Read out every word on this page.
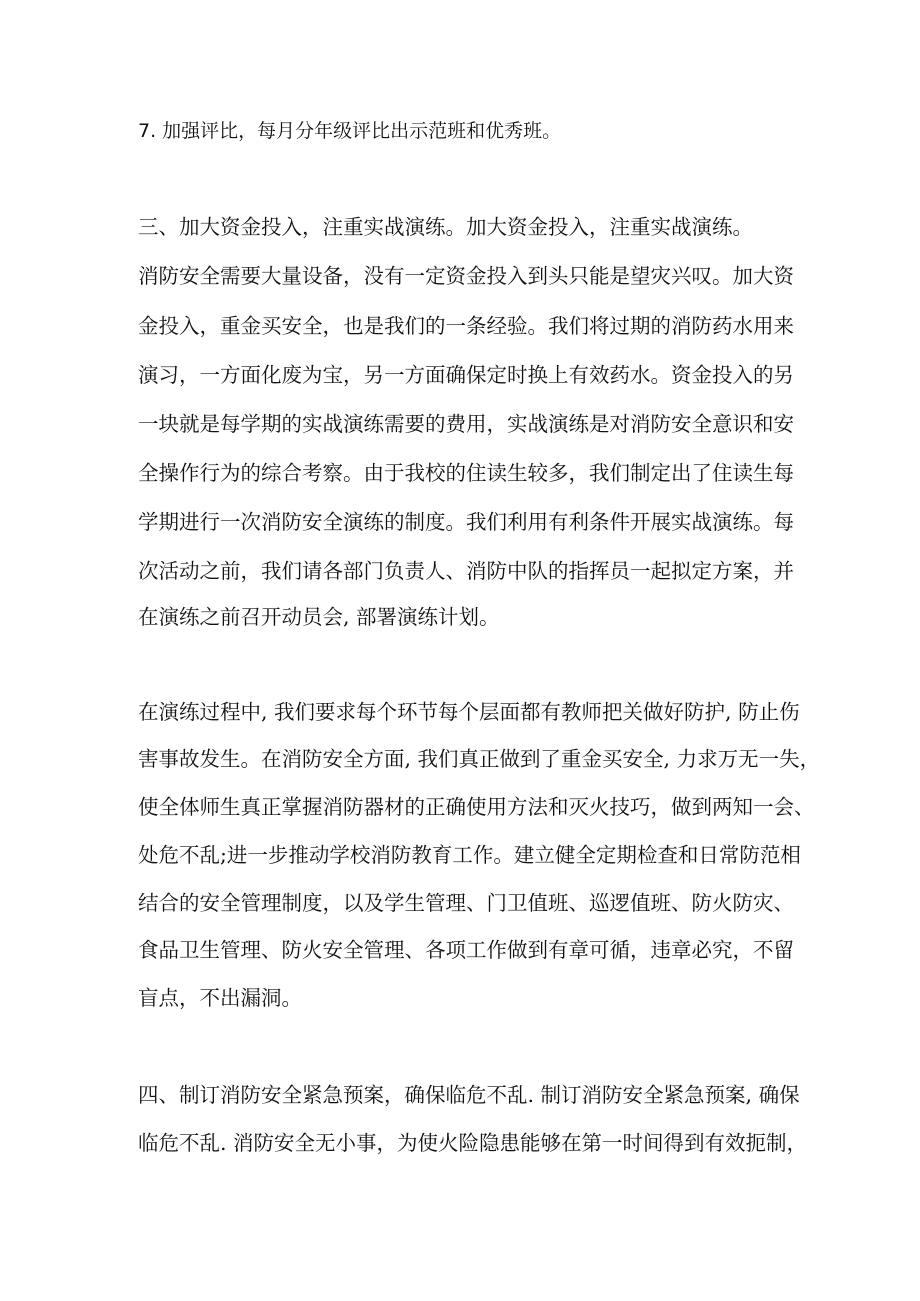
7. 加强评比，每月分年级评比出示范班和优秀班。
三、加大资金投入，注重实战演练。加大资金投入，注重实战演练。
消防安全需要大量设备，没有一定资金投入到头只能是望灾兴叹。加大资
金投入，重金买安全，也是我们的一条经验。我们将过期的消防药水用来
演习，一方面化废为宝，另一方面确保定时换上有效药水。资金投入的另
一块就是每学期的实战演练需要的费用，实战演练是对消防安全意识和安
全操作行为的综合考察。由于我校的住读生较多，我们制定出了住读生每
学期进行一次消防安全演练的制度。我们利用有利条件开展实战演练。每
次活动之前，我们请各部门负责人、消防中队的指挥员一起拟定方案，并
在演练之前召开动员会, 部署演练计划。
在演练过程中, 我们要求每个环节每个层面都有教师把关做好防护, 防止伤
害事故发生。在消防安全方面, 我们真正做到了重金买安全, 力求万无一失，
使全体师生真正掌握消防器材的正确使用方法和灭火技巧，做到两知一会、
处危不乱;进一步推动学校消防教育工作。建立健全定期检查和日常防范相
结合的安全管理制度，以及学生管理、门卫值班、巡逻值班、防火防灾、
食品卫生管理、防火安全管理、各项工作做到有章可循，违章必究，不留
盲点，不出漏洞。
四、制订消防安全紧急预案，确保临危不乱. 制订消防安全紧急预案, 确保
临危不乱. 消防安全无小事，为使火险隐患能够在第一时间得到有效扼制，
